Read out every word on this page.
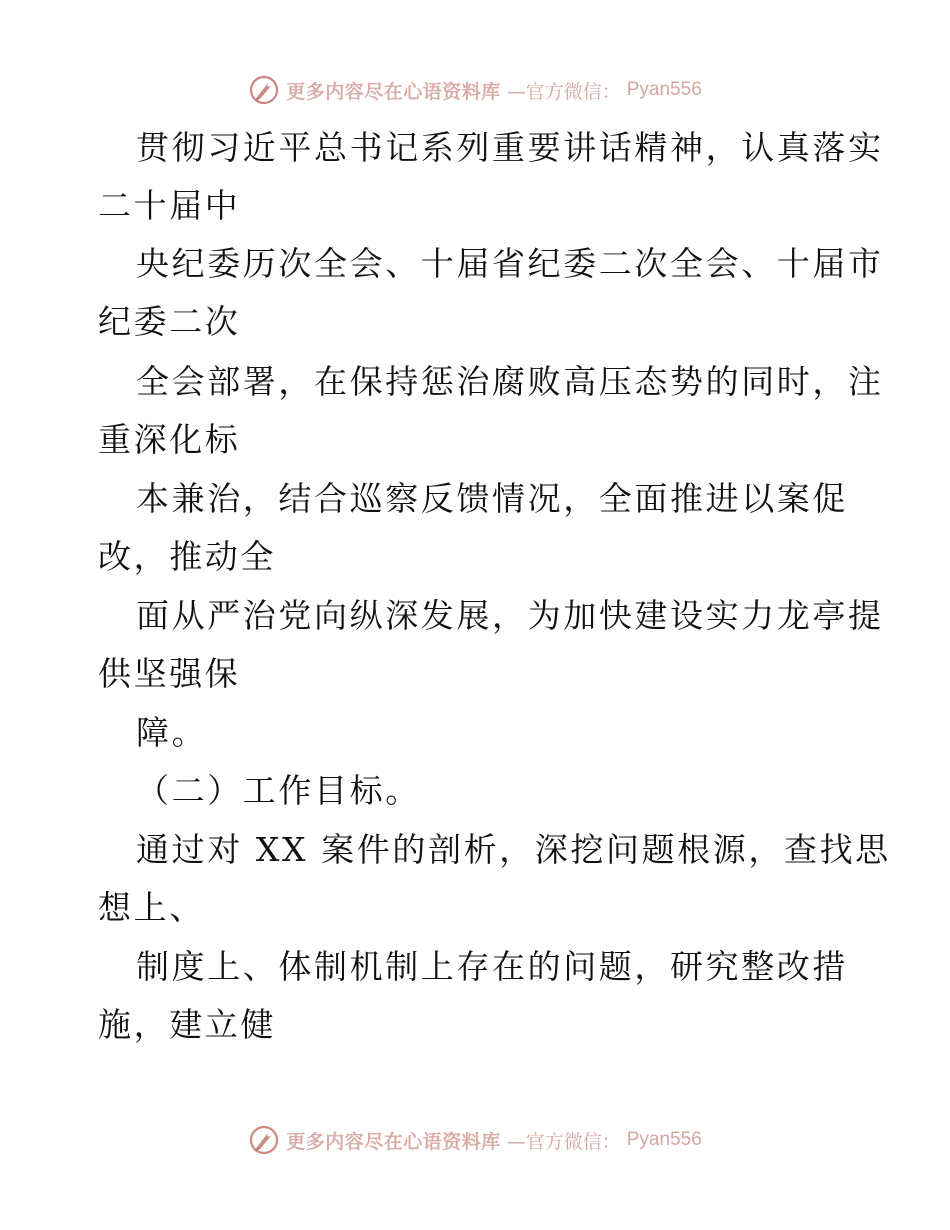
更多内容尽在心语资料库 —官方微信： Pyan556
贯彻习近平总书记系列重要讲话精神，认真落实
二十届中
央纪委历次全会、十届省纪委二次全会、十届市
纪委二次
全会部署，在保持惩治腐败高压态势的同时，注
重深化标
本兼治，结合巡察反馈情况，全面推进以案促
改，推动全
面从严治党向纵深发展，为加快建设实力龙亭提
供坚强保
障。
（二）工作目标。
通过对 XX 案件的剖析，深挖问题根源，查找思
想上、
制度上、体制机制上存在的问题，研究整改措
施，建立健
更多内容尽在心语资料库 —官方微信： Pyan556
